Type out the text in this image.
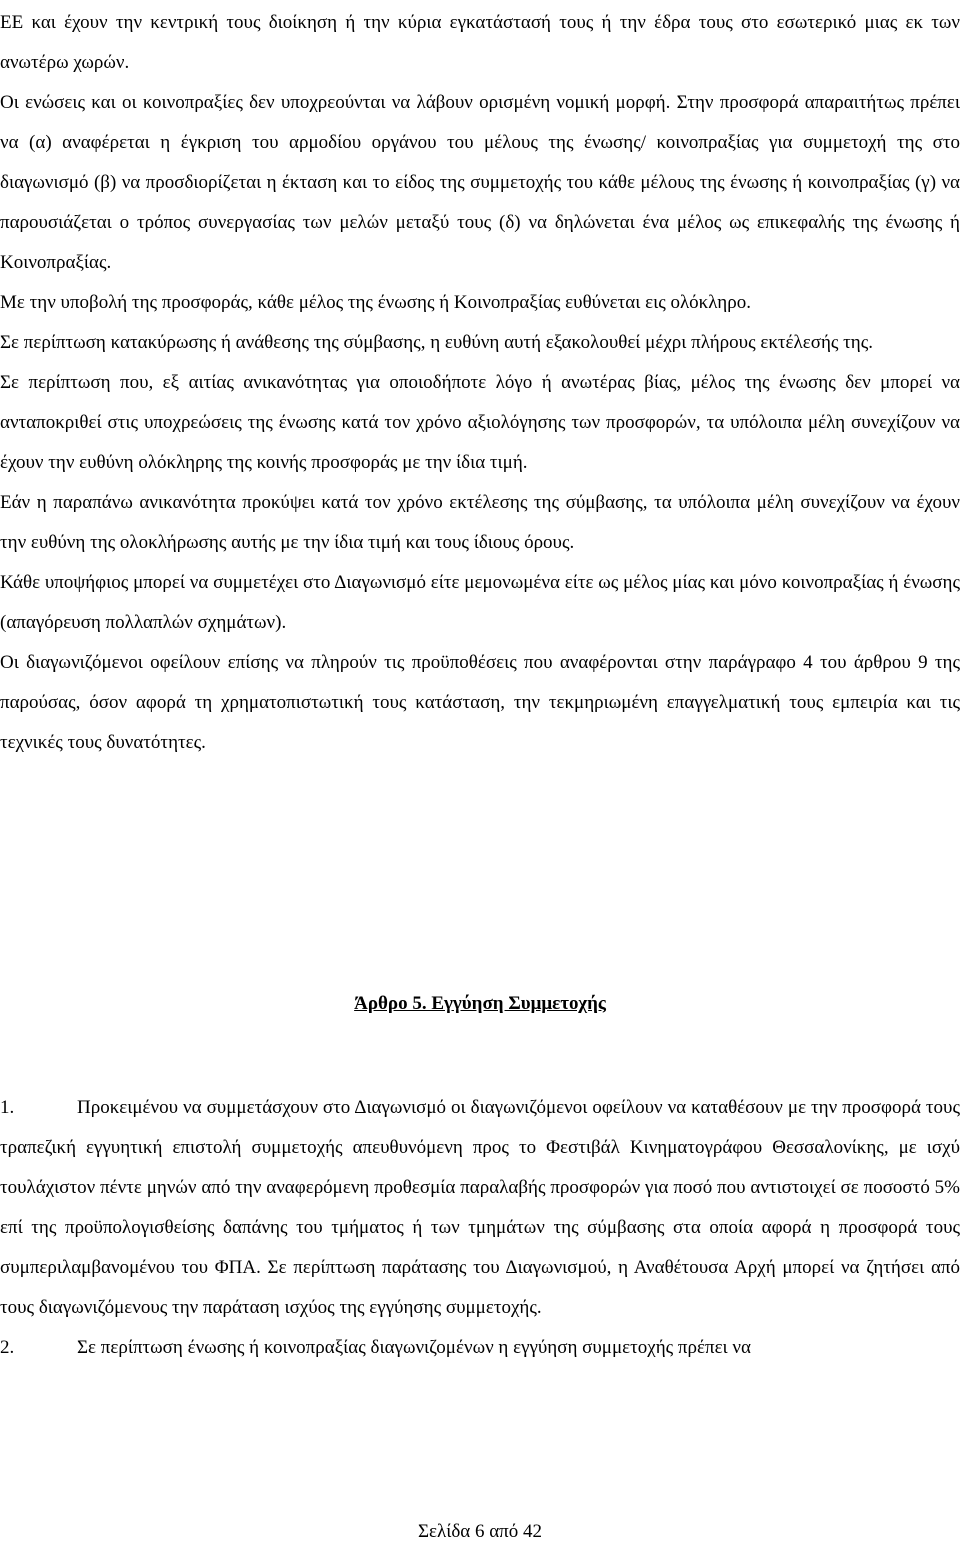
ΕΕ και έχουν την κεντρική τους διοίκηση ή την κύρια εγκατάστασή τους ή την έδρα τους στο εσωτερικό μιας εκ των ανωτέρω χωρών.

Οι ενώσεις και οι κοινοπραξίες δεν υποχρεούνται να λάβουν ορισμένη νομική μορφή. Στην προσφορά απαραιτήτως πρέπει να (α) αναφέρεται η έγκριση του αρμοδίου οργάνου του μέλους της ένωσης/ κοινοπραξίας για συμμετοχή της στο διαγωνισμό (β) να προσδιορίζεται η έκταση και το είδος της συμμετοχής του κάθε μέλους της ένωσης ή κοινοπραξίας (γ) να παρουσιάζεται ο τρόπος συνεργασίας των μελών μεταξύ τους (δ) να δηλώνεται ένα μέλος ως επικεφαλής της ένωσης ή Κοινοπραξίας.

Με την υποβολή της προσφοράς, κάθε μέλος της ένωσης ή Κοινοπραξίας ευθύνεται εις ολόκληρο.

Σε περίπτωση κατακύρωσης ή ανάθεσης της σύμβασης, η ευθύνη αυτή εξακολουθεί μέχρι πλήρους εκτέλεσής της.

Σε περίπτωση που, εξ αιτίας ανικανότητας για οποιοδήποτε λόγο ή ανωτέρας βίας, μέλος της ένωσης δεν μπορεί να ανταποκριθεί στις υποχρεώσεις της ένωσης κατά τον χρόνο αξιολόγησης των προσφορών, τα υπόλοιπα μέλη συνεχίζουν να έχουν την ευθύνη ολόκληρης της κοινής προσφοράς με την ίδια τιμή.

Εάν η παραπάνω ανικανότητα προκύψει κατά τον χρόνο εκτέλεσης της σύμβασης, τα υπόλοιπα μέλη συνεχίζουν να έχουν την ευθύνη της ολοκλήρωσης αυτής με την ίδια τιμή και τους ίδιους όρους.

Κάθε υποψήφιος μπορεί να συμμετέχει στο Διαγωνισμό είτε μεμονωμένα είτε ως μέλος μίας και μόνο κοινοπραξίας ή ένωσης (απαγόρευση πολλαπλών σχημάτων).

Οι διαγωνιζόμενοι οφείλουν επίσης να πληρούν τις προϋποθέσεις που αναφέρονται στην παράγραφο 4 του άρθρου 9 της παρούσας, όσον αφορά τη χρηματοπιστωτική τους κατάσταση, την τεκμηριωμένη επαγγελματική τους εμπειρία και τις τεχνικές τους δυνατότητες.

Άρθρο 5. Εγγύηση Συμμετοχής

1.	Προκειμένου να συμμετάσχουν στο Διαγωνισμό οι διαγωνιζόμενοι οφείλουν να καταθέσουν με την προσφορά τους τραπεζική εγγυητική επιστολή συμμετοχής απευθυνόμενη προς το Φεστιβάλ Κινηματογράφου Θεσσαλονίκης, με ισχύ τουλάχιστον πέντε μηνών από την αναφερόμενη προθεσμία παραλαβής προσφορών για ποσό που αντιστοιχεί σε ποσοστό 5% επί της προϋπολογισθείσης δαπάνης του τμήματος ή των τμημάτων της σύμβασης στα οποία αφορά η προσφορά τους συμπεριλαμβανομένου του ΦΠΑ. Σε περίπτωση παράτασης του Διαγωνισμού, η Αναθέτουσα Αρχή μπορεί να ζητήσει από τους διαγωνιζόμενους την παράταση ισχύος της εγγύησης συμμετοχής.

2.	Σε περίπτωση ένωσης ή κοινοπραξίας διαγωνιζομένων η εγγύηση συμμετοχής πρέπει να

Σελίδα 6 από 42
